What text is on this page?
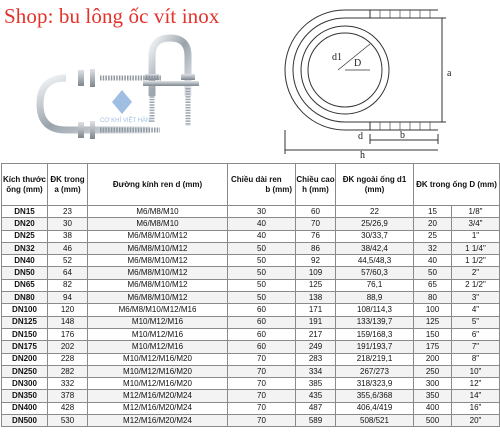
Shop: bu lông ốc vít inox
CƠ KHÍ VIỆT HÀN
d1
D
a
d	b
h
Kích thước ống (mm)	ĐK trong a (mm)	Đường kính ren d (mm)	Chiều dài ren
b (mm)	Chiều cao h (mm)	ĐK ngoài ống d1 (mm)	ĐK trong ống D (mm)	

DN15	23	M6/M8/M10	30	60	22	15	1/8"
DN20	30	M6/M8/M10	40	70	25/26,9	20	3/4"
DN25	38	M6/M8/M10/M12	40	76	30/33,7	25	1"
DN32	46	M6/M8/M10/M12	50	86	38/42,4	32	1 1/4"
DN40	52	M6/M8/M10/M12	50	92	44,5/48,3	40	1 1/2"
DN50	64	M6/M8/M10/M12	50	109	57/60,3	50	2"
DN65	82	M6/M8/M10/M12	50	125	76,1	65	2 1/2"
DN80	94	M6/M8/M10/M12	50	138	88,9	80	3"
DN100	120	M6/M8/M10/M12/M16	60	171	108/114,3	100	4"
DN125	148	M10/M12/M16	60	191	133/139,7	125	5"
DN150	176	M10/M12/M16	60	217	159/168,3	150	6"
DN175	202	M10/M12/M16	60	249	191/193,7	175	7"
DN200	228	M10/M12/M16/M20	70	283	218/219,1	200	8"
DN250	282	M10/M12/M16/M20	70	334	267/273	250	10"
DN300	332	M10/M12/M16/M20	70	385	318/323,9	300	12"
DN350	378	M12/M16/M20/M24	70	435	355,6/368	350	14"
DN400	428	M12/M16/M20/M24	70	487	406,4/419	400	16"
DN500	530	M12/M16/M20/M24	70	589	508/521	500	20"
